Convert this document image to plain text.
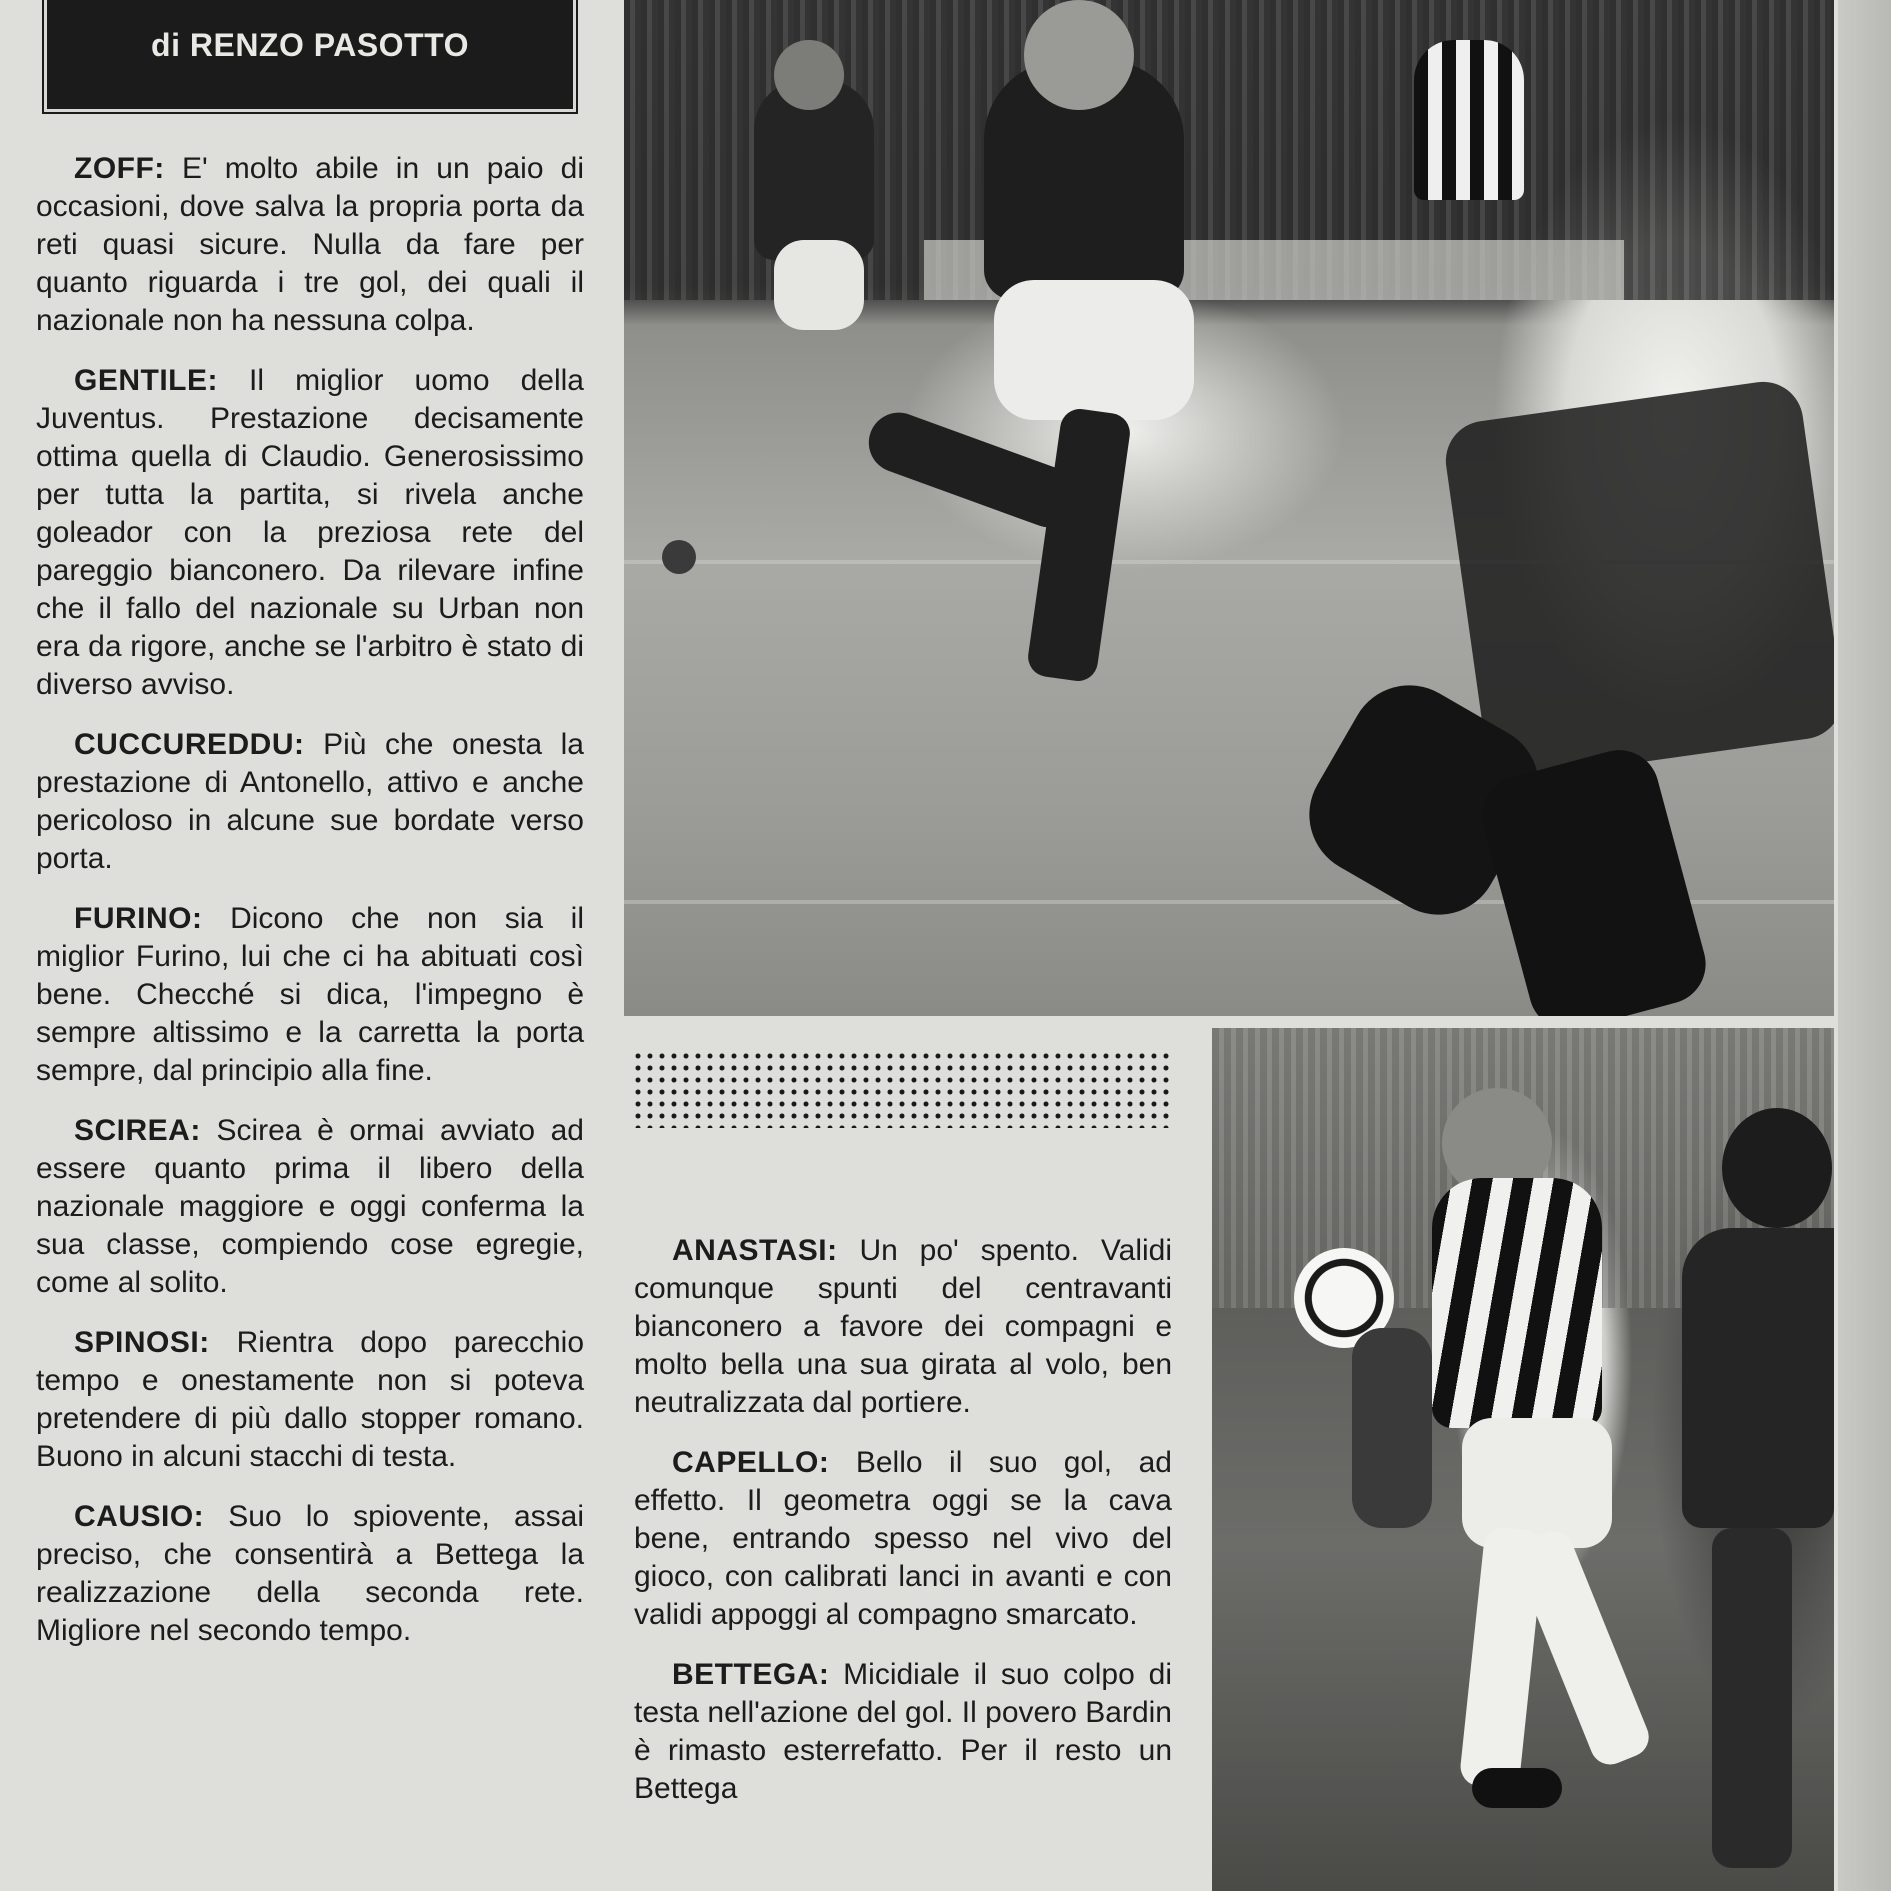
di RENZO PASOTTO

ZOFF: E' molto abile in un paio di occasioni, dove salva la propria porta da reti quasi sicure. Nulla da fare per quanto riguarda i tre gol, dei quali il nazionale non ha nessuna colpa.

GENTILE: Il miglior uomo della Juventus. Prestazione decisamente ottima quella di Claudio. Generosissimo per tutta la partita, si rivela anche goleador con la preziosa rete del pareggio bianconero. Da rilevare infine che il fallo del nazionale su Urban non era da rigore, anche se l'arbitro è stato di diverso avviso.

CUCCUREDDU: Più che onesta la prestazione di Antonello, attivo e anche pericoloso in alcune sue bordate verso porta.

FURINO: Dicono che non sia il miglior Furino, lui che ci ha abituati così bene. Checché si dica, l'impegno è sempre altissimo e la carretta la porta sempre, dal principio alla fine.

SCIREA: Scirea è ormai avviato ad essere quanto prima il libero della nazionale maggiore e oggi conferma la sua classe, compiendo cose egregie, come al solito.

SPINOSI: Rientra dopo parecchio tempo e onestamente non si poteva pretendere di più dallo stopper romano. Buono in alcuni stacchi di testa.

CAUSIO: Suo lo spiovente, assai preciso, che consentirà a Bettega la realizzazione della seconda rete. Migliore nel secondo tempo.

ANASTASI: Un po' spento. Validi comunque spunti del centravanti bianconero a favore dei compagni e molto bella una sua girata al volo, ben neutralizzata dal portiere.

CAPELLO: Bello il suo gol, ad effetto. Il geometra oggi se la cava bene, entrando spesso nel vivo del gioco, con calibrati lanci in avanti e con validi appoggi al compagno smarcato.

BETTEGA: Micidiale il suo colpo di testa nell'azione del gol. Il povero Bardin è rimasto esterrefatto. Per il resto un Bettega
